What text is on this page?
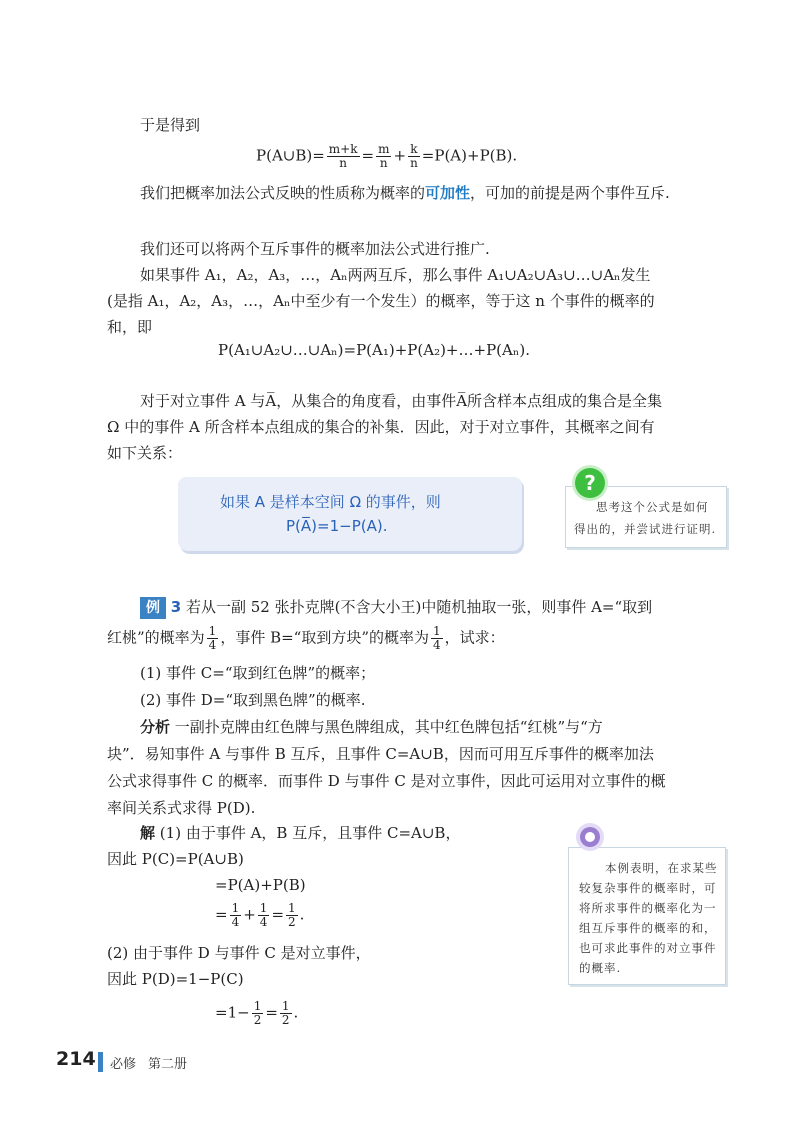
于是得到
P(A∪B)= $\frac{m+k}{n} = \frac{m}{n} + \frac{k}{n} =P(A)+P(B)$.
我们把概率加法公式反映的性质称为概率的可加性，可加的前提是两个事件互斥.
我们还可以将两个互斥事件的概率加法公式进行推广.
如果事件 A₁，A₂，A₃，…，Aₙ两两互斥，那么事件 A₁∪A₂∪A₃∪…∪Aₙ发生
(是指 A₁，A₂，A₃，…，Aₙ中至少有一个发生）的概率，等于这 n 个事件的概率的
和，即
P(A₁∪A₂∪…∪Aₙ)=P(A₁)+P(A₂)+…+P(Aₙ).
对于对立事件 A 与A̅，从集合的角度看，由事件A̅所含样本点组成的集合是全集
Ω 中的事件 A 所含样本点组成的集合的补集．因此，对于对立事件，其概率之间有
如下关系：
如果 A 是样本空间 Ω 的事件，则
P(A̅)=1−P(A).
思考这个公式是如何
得出的，并尝试进行证明.
?
例 3 若从一副 52 张扑克牌(不含大小王)中随机抽取一张，则事件 A=“取到
红桃”的概率为 $\frac{1}{4}$ ，事件 B=“取到方块”的概率为 $\frac{1}{4}$ ，试求：
(1) 事件 C=“取到红色牌”的概率；
(2) 事件 D=“取到黑色牌”的概率.
分析 一副扑克牌由红色牌与黑色牌组成，其中红色牌包括“红桃”与“方
块”．易知事件 A 与事件 B 互斥，且事件 C=A∪B，因而可用互斥事件的概率加法
公式求得事件 C 的概率．而事件 D 与事件 C 是对立事件，因此可运用对立事件的概
率间关系式求得 P(D).
解 (1) 由于事件 A，B 互斥，且事件 C=A∪B，
因此 P(C)=P(A∪B)
=P(A)+P(B)
= $\frac{1}{4} + \frac{1}{4} = \frac{1}{2}$ .
(2) 由于事件 D 与事件 C 是对立事件，
因此 P(D)=1−P(C)
$=1- \frac{1}{2} = \frac{1}{2}$ .
本例表明，在求某些
较复杂事件的概率时，可
将所求事件的概率化为一
组互斥事件的概率的和，
也可求此事件的对立事件
的概率.
214 必修 第二册
